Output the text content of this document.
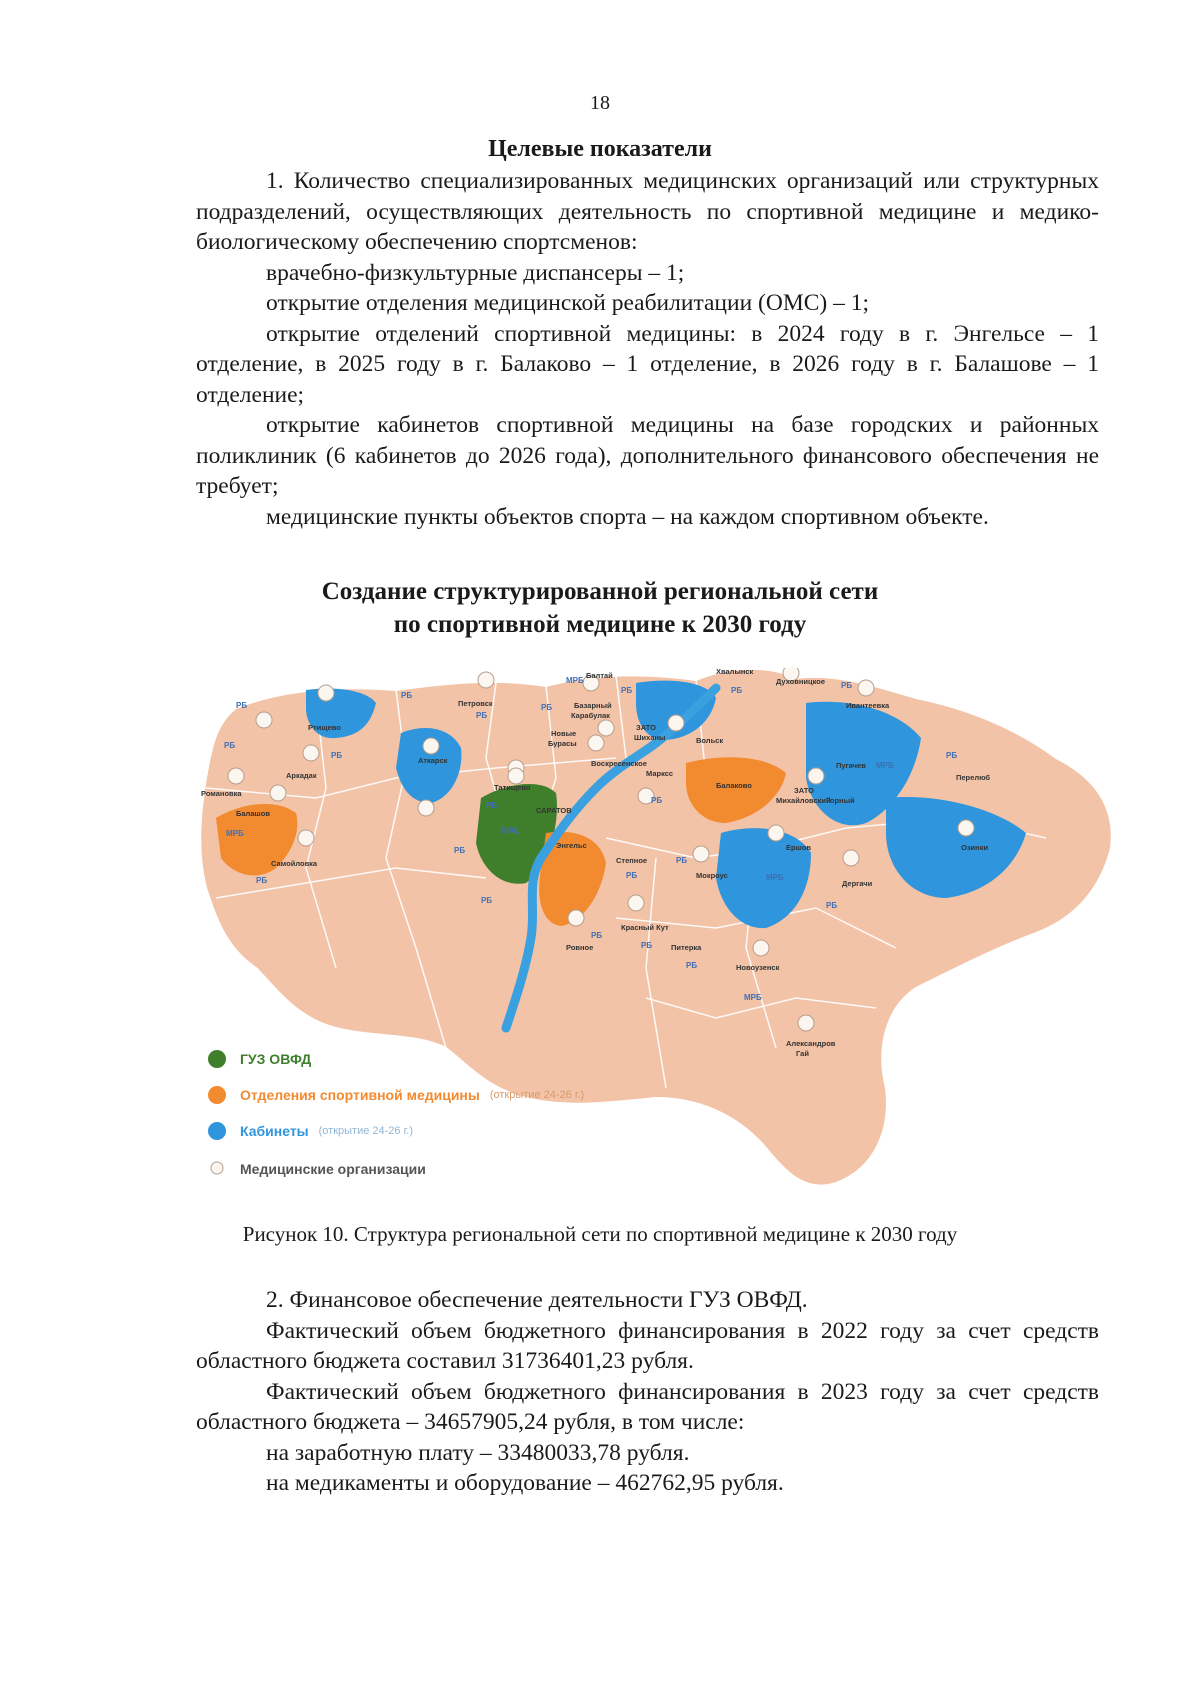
18
Целевые показатели

1. Количество специализированных медицинских организаций или структурных подразделений, осуществляющих деятельность по спортивной медицине и медико-биологическому обеспечению спортсменов:

врачебно-физкультурные диспансеры – 1;

открытие отделения медицинской реабилитации (ОМС) – 1;

открытие отделений спортивной медицины: в 2024 году в г. Энгельсе – 1 отделение, в 2025 году в г. Балаково – 1 отделение, в 2026 году в г. Балашове – 1 отделение;

открытие кабинетов спортивной медицины на базе городских и районных поликлиник (6 кабинетов до 2026 года), дополнительного финансового обеспечения не требует;

медицинские пункты объектов спорта – на каждом спортивном объекте.

Создание структурированной региональной сети
по спортивной медицине к 2030 году
САРАТОВ
Ртищево
Аркадак
Романовка
Балашов
Самойловка
Аткарск
Петровск
Татищево
Базарный
Карабулак
Балтай
Новые
Бурасы
Воскресенское
Хвалынск
Вольск
ЗАТО
Шиханы
Духовницкое
Балаково
Ивантеевка
Пугачев
ЗАТО
Михайловский
Горный
Перелюб
Озинки
Энгельс	Ершов
Дергачи
Марксс
Степное
Мокроус
Красный Кут
Ровное	Питерка
Новоузенск
Александров
Гай
РБ
РБ
РБ
РБ
РБ
МРБ
РБ
РБ
РБ
МРБ
РБ	РБ
РБ
РБ
РБ
МРБ
РБ
РБ
ВФД
РБ
РБ
РБ
РБ
РБ
РБ
МРБ
МРБ
ГУЗ ОВФД
Отделения спортивной медицины (открытие 24-26 г.)
Кабинеты (открытие 24-26 г.)
Медицинские организации
Рисунок 10. Структура региональной сети по спортивной медицине к 2030 году

2. Финансовое обеспечение деятельности ГУЗ ОВФД.

Фактический объем бюджетного финансирования в 2022 году за счет средств областного бюджета составил 31736401,23 рубля.

Фактический объем бюджетного финансирования в 2023 году за счет средств областного бюджета – 34657905,24 рубля, в том числе:

на заработную плату – 33480033,78 рубля.

на медикаменты и оборудование – 462762,95 рубля.
